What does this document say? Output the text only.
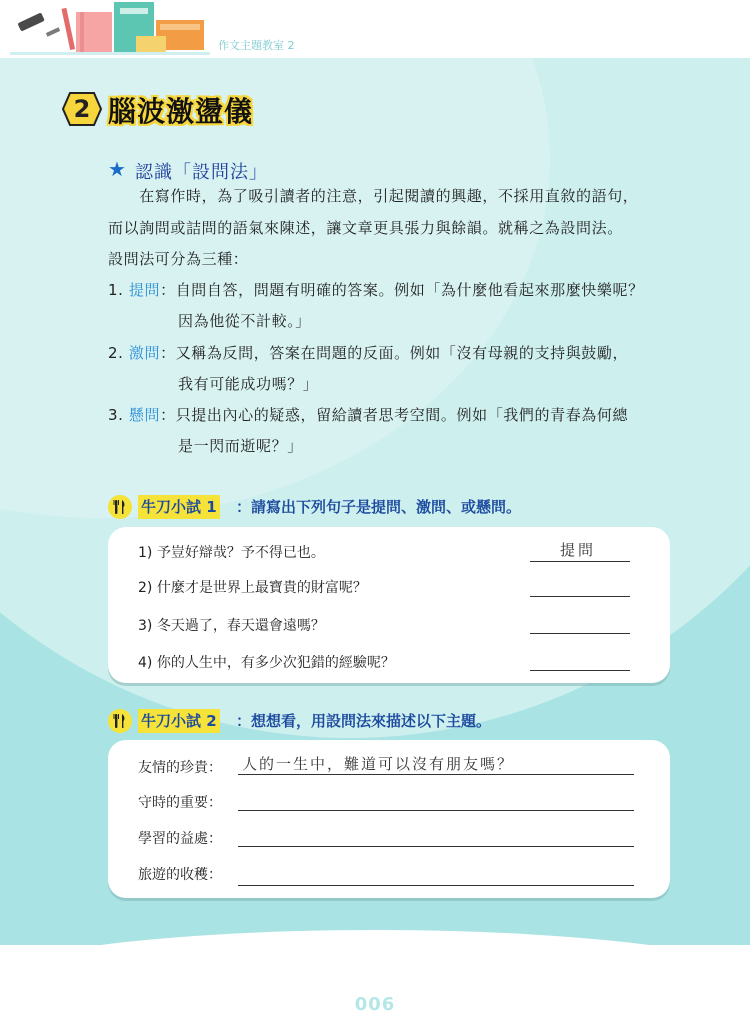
作文主題教室 2
2 腦波激盪儀
★ 認識「設問法」
　　在寫作時，為了吸引讀者的注意，引起閱讀的興趣，不採用直敘的語句，
而以詢問或詰問的語氣來陳述，讓文章更具張力與餘韻。就稱之為設問法。
設問法可分為三種：
1. 提問：自問自答，問題有明確的答案。例如「為什麼他看起來那麼快樂呢？
因為他從不計較。」
2. 激問：又稱為反問，答案在問題的反面。例如「沒有母親的支持與鼓勵，
我有可能成功嗎？」
3. 懸問：只提出內心的疑惑，留給讀者思考空間。例如「我們的青春為何總
是一閃而逝呢？」
牛刀小試 1 ：請寫出下列句子是提問、激問、或懸問。
1) 予豈好辯哉？予不得已也。	提問
2) 什麼才是世界上最寶貴的財富呢？
3) 冬天過了，春天還會遠嗎？
4) 你的人生中，有多少次犯錯的經驗呢？
牛刀小試 2 ：想想看，用設問法來描述以下主題。
友情的珍貴： 人的一生中，難道可以沒有朋友嗎？
守時的重要：
學習的益處：
旅遊的收穫：
006
